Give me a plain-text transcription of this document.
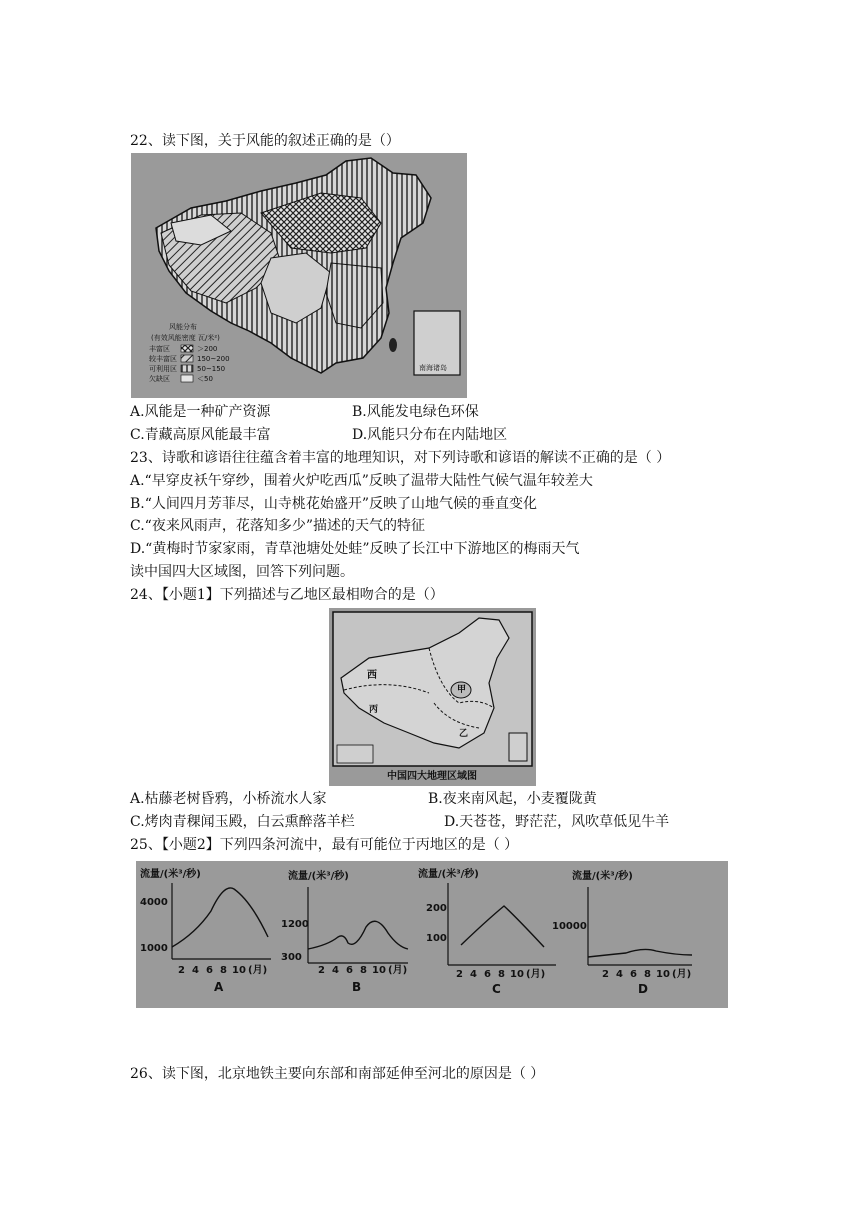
22、读下图，关于风能的叙述正确的是（）
风能分布
(有效风能密度 瓦/米²)
丰富区	＞200
较丰富区	150~200
可利用区	50~150
欠缺区	＜50
南海诸岛
A.风能是一种矿产资源	B.风能发电绿色环保
C.青藏高原风能最丰富	D.风能只分布在内陆地区
23、诗歌和谚语往往蕴含着丰富的地理知识，对下列诗歌和谚语的解读不正确的是（ ）
A.“早穿皮袄午穿纱，围着火炉吃西瓜”反映了温带大陆性气候气温年较差大
B.“人间四月芳菲尽，山寺桃花始盛开”反映了山地气候的垂直变化
C.“夜来风雨声，花落知多少”描述的天气的特征
D.“黄梅时节家家雨，青草池塘处处蛙”反映了长江中下游地区的梅雨天气
读中国四大区域图，回答下列问题。
24、【小题1】下列描述与乙地区最相吻合的是（）
西
甲
丙
乙
中国四大地理区域图
A.枯藤老树昏鸦，小桥流水人家	B.夜来南风起，小麦覆陇黄
C.烤肉青稞闻玉殿，白云熏醉落羊栏	D.天苍苍，野茫茫，风吹草低见牛羊
25、【小题2】下列四条河流中，最有可能位于丙地区的是（ ）
流量/(米³/秒)
4000
1000
2 4 6 8 10 (月)
A
流量/(米³/秒)
1200
300
2 4 6 8 10 (月)
B
流量/(米³/秒)
200
100
2 4 6 8 10 (月)
C
流量/(米³/秒)
10000
2 4 6 8 10 (月)
D
26、读下图，北京地铁主要向东部和南部延伸至河北的原因是（ ）
